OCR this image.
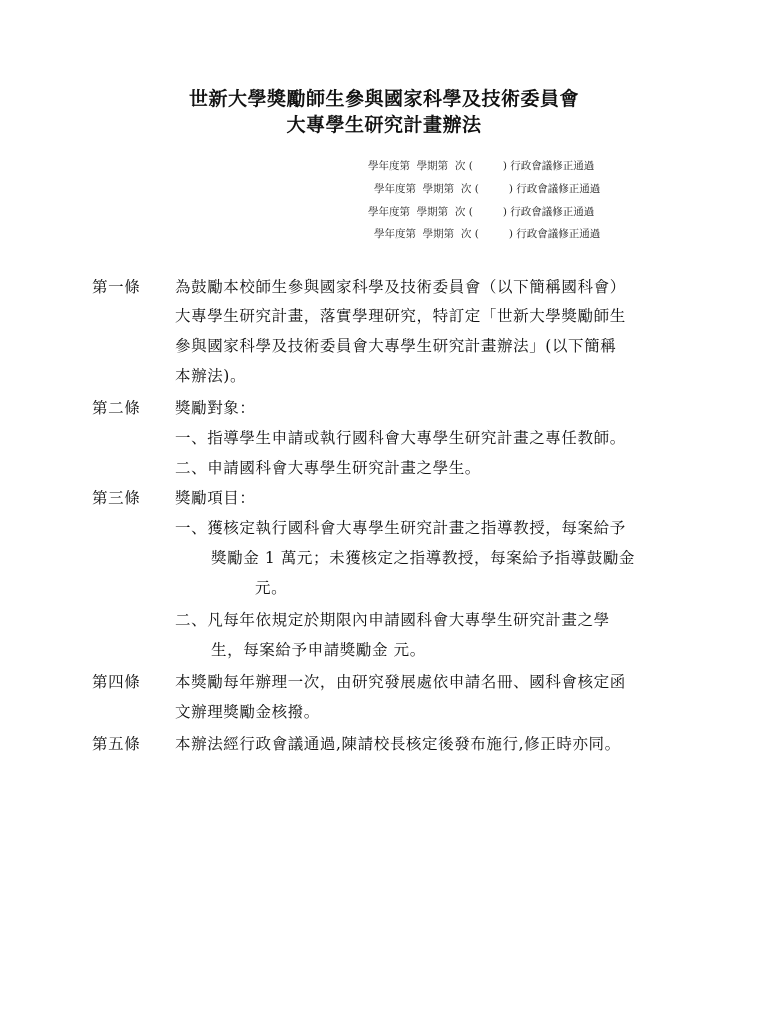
世新大學獎勵師生參與國家科學及技術委員會
大專學生研究計畫辦法
學年度第  學期第  次 (         ) 行政會議修正通過
學年度第  學期第  次 (         ) 行政會議修正通過
學年度第  學期第  次 (         ) 行政會議修正通過
學年度第  學期第  次 (         ) 行政會議修正通過
第一條 為鼓勵本校師生參與國家科學及技術委員會（以下簡稱國科會）
大專學生研究計畫，落實學理研究，特訂定「世新大學獎勵師生
參與國家科學及技術委員會大專學生研究計畫辦法」(以下簡稱
本辦法)。
第二條 獎勵對象：
一、指導學生申請或執行國科會大專學生研究計畫之專任教師。
二、申請國科會大專學生研究計畫之學生。
第三條 獎勵項目：
一、獲核定執行國科會大專學生研究計畫之指導教授，每案給予
獎勵金 1 萬元；未獲核定之指導教授，每案給予指導鼓勵金
元。
二、凡每年依規定於期限內申請國科會大專學生研究計畫之學
生，每案給予申請獎勵金 元。
第四條 本獎勵每年辦理一次，由研究發展處依申請名冊、國科會核定函
文辦理獎勵金核撥。
第五條 本辦法經行政會議通過,陳請校長核定後發布施行,修正時亦同。
